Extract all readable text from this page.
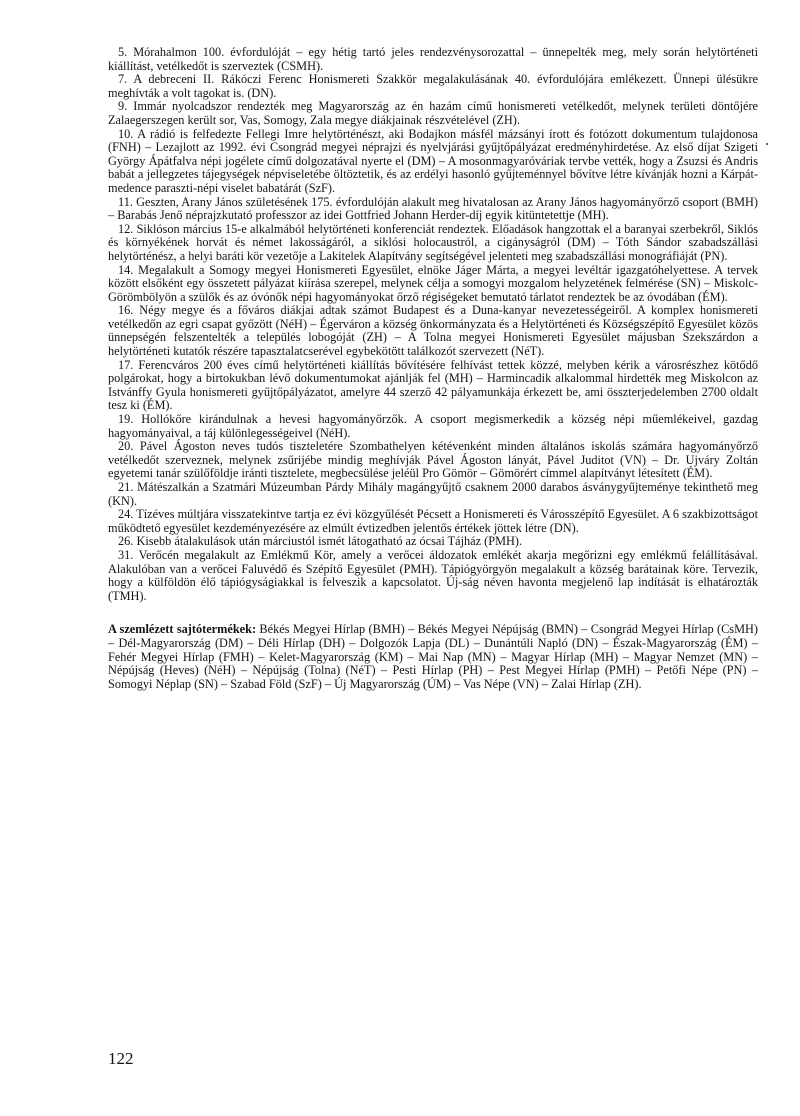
5. Mórahalmon 100. évfordulóját – egy hétig tartó jeles rendezvénysorozattal – ünnepelték meg, mely során helytörténeti kiállítást, vetélkedőt is szerveztek (CSMH).

7. A debreceni II. Rákóczi Ferenc Honismereti Szakkör megalakulásának 40. évfordulójára emlékezett. Ünnepi ülésükre meghívták a volt tagokat is. (DN).

9. Immár nyolcadszor rendezték meg Magyarország az én hazám című honismereti vetélkedőt, melynek területi döntőjére Zalaegerszegen került sor, Vas, Somogy, Zala megye diákjainak részvételével (ZH).

10. A rádió is felfedezte Fellegi Imre helytörténészt, aki Bodajkon másfél mázsányi írott és fotózott dokumentum tulajdonosa (FNH) – Lezajlott az 1992. évi Csongrád megyei néprajzi és nyelvjárási gyűjtőpályázat eredményhirdetése. Az első díjat Szigeti György Ápátfalva népi jogélete című dolgozatával nyerte el (DM) – A mosonmagyaróváriak tervbe vették, hogy a Zsuzsi és Andris babát a jellegzetes tájegységek népviseletébe öltöztetik, és az erdélyi hasonló gyűjteménnyel bővítve létre kívánják hozni a Kárpát-medence paraszti-népi viselet babatárát (SzF).

11. Geszten, Arany János születésének 175. évfordulóján alakult meg hivatalosan az Arany János hagyományőrző csoport (BMH) – Barabás Jenő néprajzkutató professzor az idei Gottfried Johann Herder-díj egyik kitüntetettje (MH).

12. Siklóson március 15-e alkalmából helytörténeti konferenciát rendeztek. Előadások hangzottak el a baranyai szerbekről, Siklós és környékének horvát és német lakosságáról, a siklósi holocaustról, a cigányságról (DM) – Tóth Sándor szabadszállási helytörténész, a helyi baráti kör vezetője a Lakitelek Alapítvány segítségével jelenteti meg szabadszállási monográfiáját (PN).

14. Megalakult a Somogy megyei Honismereti Egyesület, elnöke Jáger Márta, a megyei levéltár igazgatóhelyettese. A tervek között elsőként egy összetett pályázat kiírása szerepel, melynek célja a somogyi mozgalom helyzetének felmérése (SN) – Miskolc-Görömbölyön a szülők és az óvónők népi hagyományokat őrző régiségeket bemutató tárlatot rendeztek be az óvodában (ÉM).

16. Négy megye és a főváros diákjai adtak számot Budapest és a Duna-kanyar nevezetességeiről. A komplex honismereti vetélkedőn az egri csapat győzött (NéH) – Égerváron a község önkormányzata és a Helytörténeti és Községszépítő Egyesület közös ünnepségén felszentelték a település lobogóját (ZH) – A Tolna megyei Honismereti Egyesület májusban Szekszárdon a helytörténeti kutatók részére tapasztalatcserével egybekötött találkozót szervezett (NéT).

17. Ferencváros 200 éves című helytörténeti kiállítás bővítésére felhívást tettek közzé, melyben kérik a városrészhez kötődő polgárokat, hogy a birtokukban lévő dokumentumokat ajánlják fel (MH) – Harmincadik alkalommal hirdették meg Miskolcon az Istvánffy Gyula honismereti gyűjtőpályázatot, amelyre 44 szerző 42 pályamunkája érkezett be, ami összterjedelemben 2700 oldalt tesz ki (ÉM).

19. Hollókőre kirándulnak a hevesi hagyományőrzők. A csoport megismerkedik a község népi műemlékeivel, gazdag hagyományaival, a táj különlegességeivel (NéH).

20. Pável Ágoston neves tudós tiszteletére Szombathelyen kétévenként minden általános iskolás számára hagyományőrző vetélkedőt szerveznek, melynek zsűrijébe mindig meghívják Pável Ágoston lányát, Pável Juditot (VN) – Dr. Ujváry Zoltán egyetemi tanár szülőföldje iránti tisztelete, megbecsülése jeléül Pro Gömör – Gömörért címmel alapítványt létesített (ÉM).

21. Mátészalkán a Szatmári Múzeumban Párdy Mihály magángyűjtő csaknem 2000 darabos ásványgyűjteménye tekinthető meg (KN).

24. Tízéves múltjára visszatekintve tartja ez évi közgyűlését Pécsett a Honismereti és Városszépítő Egyesület. A 6 szakbizottságot működtető egyesület kezdeményezésére az elmúlt évtizedben jelentős értékek jöttek létre (DN).

26. Kisebb átalakulások után márciustól ismét látogatható az ócsai Tájház (PMH).

31. Verőcén megalakult az Emlékmű Kör, amely a verőcei áldozatok emlékét akarja megőrizni egy emlékmű felállításával. Alakulóban van a verőcei Faluvédő és Szépítő Egyesület (PMH). Tápiógyörgyön megalakult a község barátainak köre. Tervezik, hogy a külföldön élő tápiógyságiakkal is felveszik a kapcsolatot. Új-ság néven havonta megjelenő lap indítását is elhatározták (TMH).

A szemlézett sajtótermékek: Békés Megyei Hírlap (BMH) – Békés Megyei Népújság (BMN) – Csongrád Megyei Hírlap (CsMH) – Dél-Magyarország (DM) – Déli Hírlap (DH) – Dolgozók Lapja (DL) – Dunántúli Napló (DN) – Észak-Magyarország (ÉM) – Fehér Megyei Hírlap (FMH) – Kelet-Magyarország (KM) – Mai Nap (MN) – Magyar Hírlap (MH) – Magyar Nemzet (MN) – Népújság (Heves) (NéH) – Népújság (Tolna) (NéT) – Pesti Hírlap (PH) – Pest Megyei Hírlap (PMH) – Petőfi Népe (PN) – Somogyi Néplap (SN) – Szabad Föld (SzF) – Új Magyarország (ÚM) – Vas Népe (VN) – Zalai Hírlap (ZH).

122
